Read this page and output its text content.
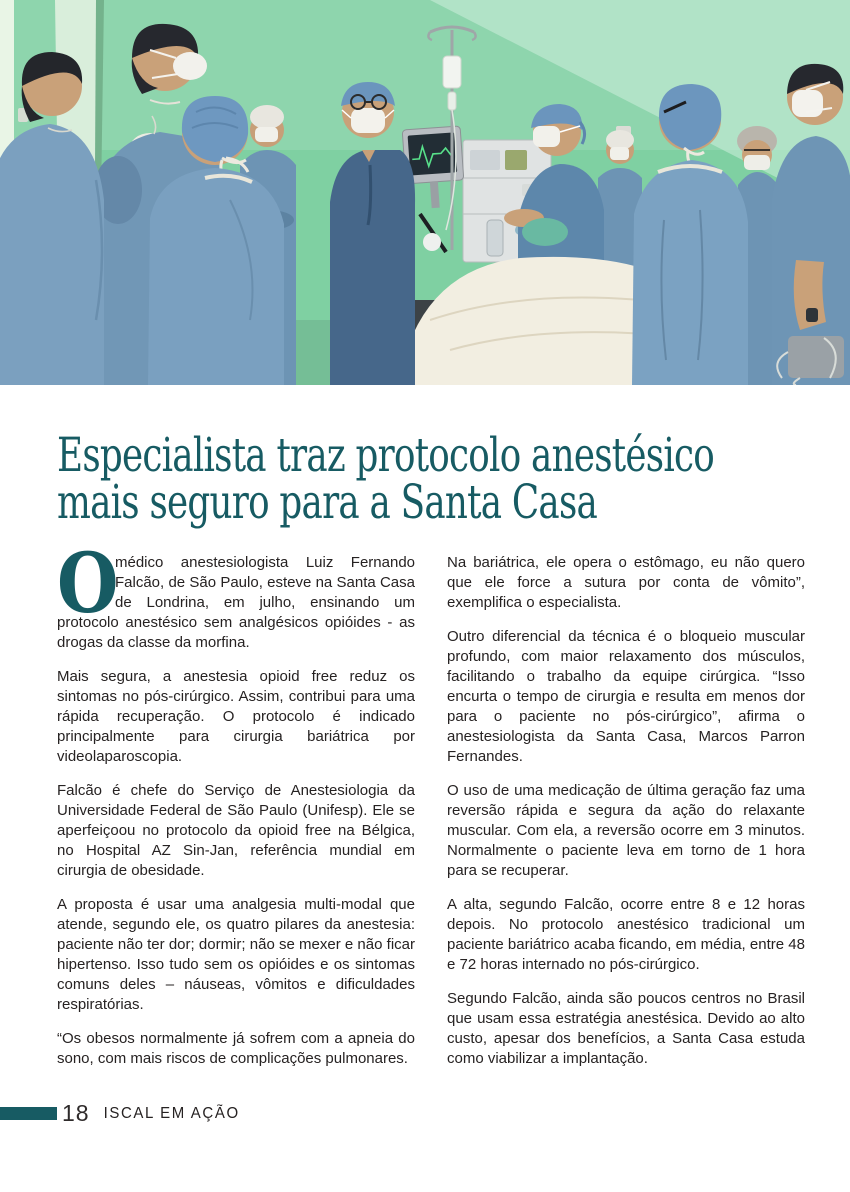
Especialista traz protocolo anestésico
mais seguro para a Santa Casa

O
médico anestesiologista Luiz Fernando Falcão, de São Paulo, esteve na Santa Casa de Londrina, em julho, ensinando um protocolo anestésico sem analgésicos opióides - as drogas da classe da morfina.

Mais segura, a anestesia opioid free reduz os sintomas no pós-cirúrgico. Assim, contribui para uma rápida recuperação. O protocolo é indicado principalmente para cirurgia bariátrica por videolaparoscopia.

Falcão é chefe do Serviço de Anestesiologia da Universidade Federal de São Paulo (Unifesp). Ele se aperfeiçoou no protocolo da opioid free na Bélgica, no Hospital AZ Sin-Jan, referência mundial em cirurgia de obesidade.

A proposta é usar uma analgesia multi-modal que atende, segundo ele, os quatro pilares da anestesia: paciente não ter dor; dormir; não se mexer e não ficar hipertenso. Isso tudo sem os opióides e os sintomas comuns deles – náuseas, vômitos e dificuldades respiratórias.

“Os obesos normalmente já sofrem com a apneia do sono, com mais riscos de complicações pulmonares.

Na bariátrica, ele opera o estômago, eu não quero que ele force a sutura por conta de vômito”, exemplifica o especialista.

Outro diferencial da técnica é o bloqueio muscular profundo, com maior relaxamento dos músculos, facilitando o trabalho da equipe cirúrgica. “Isso encurta o tempo de cirurgia e resulta em menos dor para o paciente no pós-cirúrgico”, afirma o anestesiologista da Santa Casa, Marcos Parron Fernandes.

O uso de uma medicação de última geração faz uma reversão rápida e segura da ação do relaxante muscular. Com ela, a reversão ocorre em 3 minutos. Normalmente o paciente leva em torno de 1 hora para se recuperar.

A alta, segundo Falcão, ocorre entre 8 e 12 horas depois. No protocolo anestésico tradicional um paciente bariátrico acaba ficando, em média, entre 48 e 72 horas internado no pós-cirúrgico.

Segundo Falcão, ainda são poucos centros no Brasil que usam essa estratégia anestésica. Devido ao alto custo, apesar dos benefícios, a Santa Casa estuda como viabilizar a implantação.

18 ISCAL EM AÇÃO
